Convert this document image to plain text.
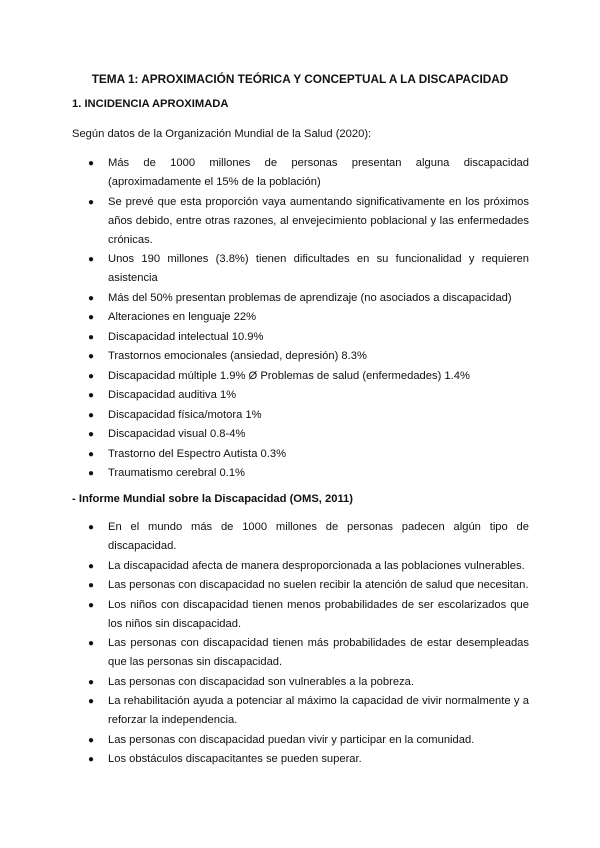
TEMA 1: APROXIMACIÓN TEÓRICA Y CONCEPTUAL A LA DISCAPACIDAD
1. INCIDENCIA APROXIMADA

Según datos de la Organización Mundial de la Salud (2020):

● Más de 1000 millones de personas presentan alguna discapacidad (aproximadamente el 15% de la población)
● Se prevé que esta proporción vaya aumentando significativamente en los próximos años debido, entre otras razones, al envejecimiento poblacional y las enfermedades crónicas.
● Unos 190 millones (3.8%) tienen dificultades en su funcionalidad y requieren asistencia
● Más del 50% presentan problemas de aprendizaje (no asociados a discapacidad)
● Alteraciones en lenguaje 22%
● Discapacidad intelectual 10.9%
● Trastornos emocionales (ansiedad, depresión) 8.3%
● Discapacidad múltiple 1.9% Ø Problemas de salud (enfermedades) 1.4%
● Discapacidad auditiva 1%
● Discapacidad física/motora 1%
● Discapacidad visual 0.8-4%
● Trastorno del Espectro Autista 0.3%
● Traumatismo cerebral 0.1%
- Informe Mundial sobre la Discapacidad (OMS, 2011)
● En el mundo más de 1000 millones de personas padecen algún tipo de discapacidad.
● La discapacidad afecta de manera desproporcionada a las poblaciones vulnerables.
● Las personas con discapacidad no suelen recibir la atención de salud que necesitan.
● Los niños con discapacidad tienen menos probabilidades de ser escolarizados que los niños sin discapacidad.
● Las personas con discapacidad tienen más probabilidades de estar desempleadas que las personas sin discapacidad.
● Las personas con discapacidad son vulnerables a la pobreza.
● La rehabilitación ayuda a potenciar al máximo la capacidad de vivir normalmente y a reforzar la independencia.
● Las personas con discapacidad puedan vivir y participar en la comunidad.
● Los obstáculos discapacitantes se pueden superar.
